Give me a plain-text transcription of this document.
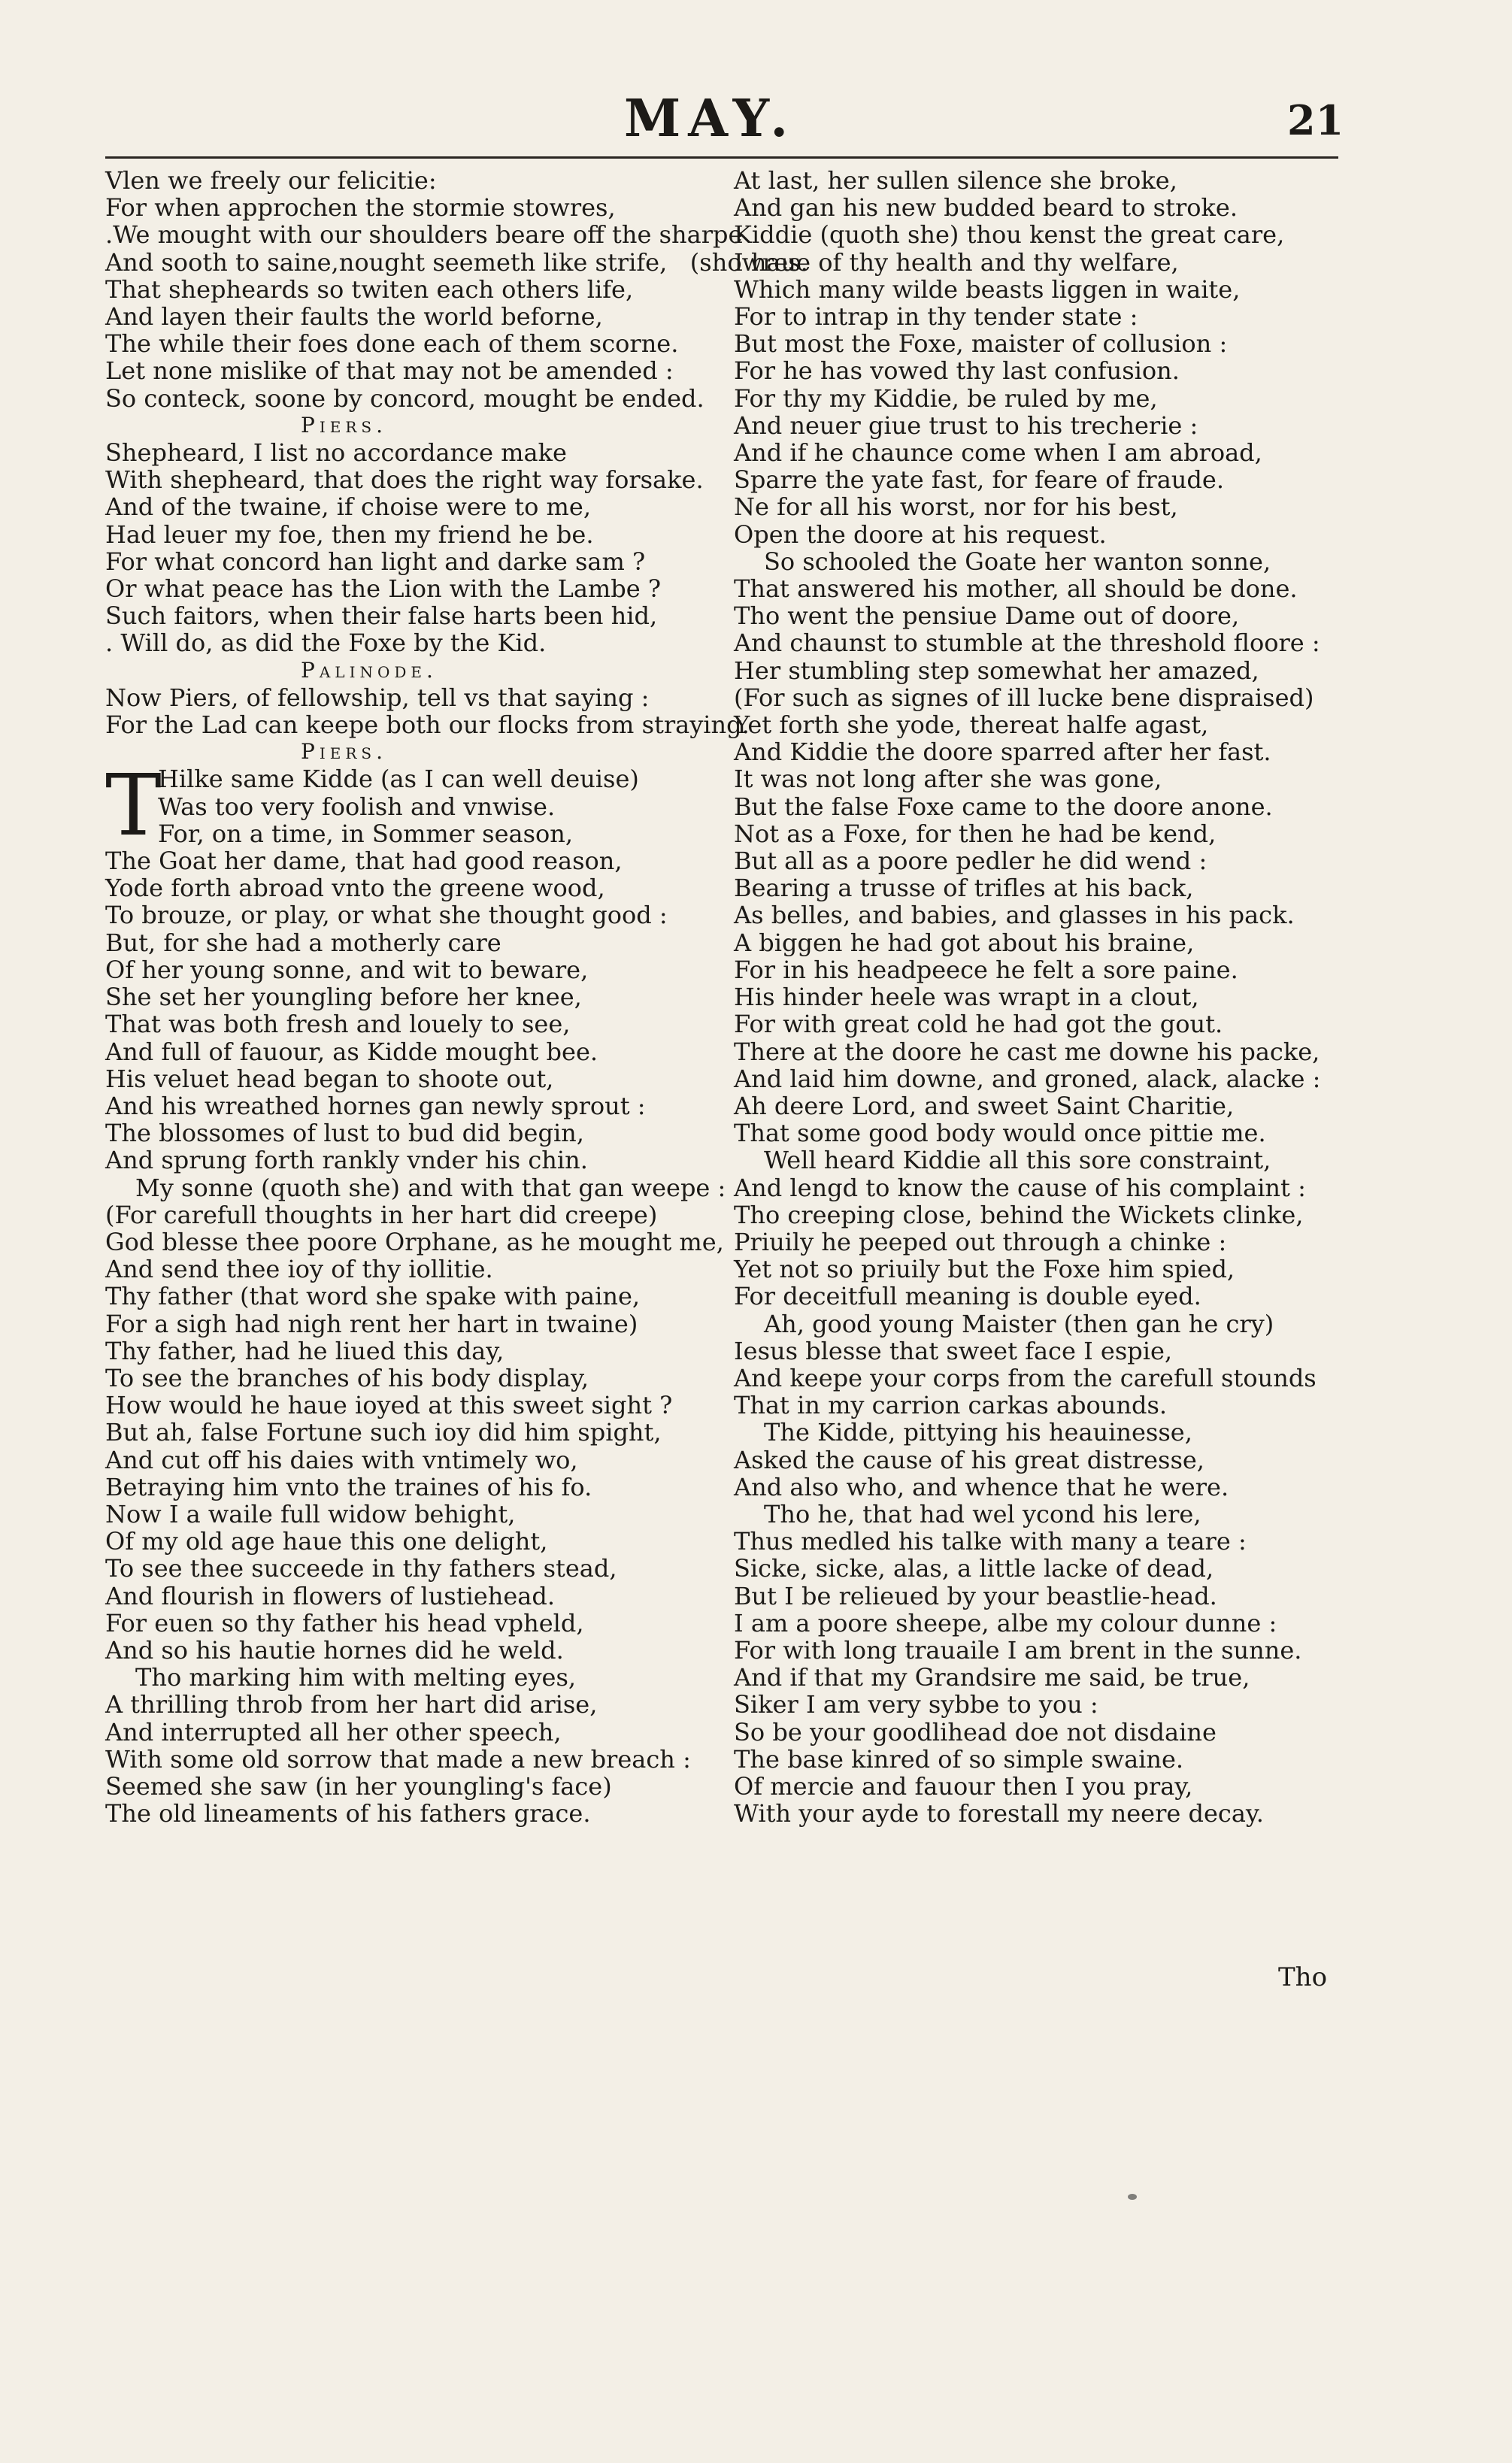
MAY.	21
Vlen we freely our felicitie:
For when approchen the stormie stowres,
.We mought with our shoulders beare off the sharpe
And sooth to saine,nought seemeth like strife,   (showres.
That shepheards so twiten each others life,
And layen their faults the world beforne,
The while their foes done each of them scorne.
Let none mislike of that may not be amended :
So conteck, soone by concord, mought be ended.
Piers.
Shepheard, I list no accordance make
With shepheard, that does the right way forsake.
And of the twaine, if choise were to me,
Had leuer my foe, then my friend he be.
For what concord han light and darke sam ?
Or what peace has the Lion with the Lambe ?
Such faitors, when their false harts been hid,
. Will do, as did the Foxe by the Kid.
Palinode.
Now Piers, of fellowship, tell vs that saying :
For the Lad can keepe both our flocks from straying.
Piers.
T
Hilke same Kidde (as I can well deuise)
Was too very foolish and vnwise.
For, on a time, in Sommer season,
The Goat her dame, that had good reason,
Yode forth abroad vnto the greene wood,
To brouze, or play, or what she thought good :
But, for she had a motherly care
Of her young sonne, and wit to beware,
She set her youngling before her knee,
That was both fresh and louely to see,
And full of fauour, as Kidde mought bee.
His veluet head began to shoote out,
And his wreathed hornes gan newly sprout :
The blossomes of lust to bud did begin,
And sprung forth rankly vnder his chin.
My sonne (quoth she) and with that gan weepe :
(For carefull thoughts in her hart did creepe)
God blesse thee poore Orphane, as he mought me,
And send thee ioy of thy iollitie.
Thy father (that word she spake with paine,
For a sigh had nigh rent her hart in twaine)
Thy father, had he liued this day,
To see the branches of his body display,
How would he haue ioyed at this sweet sight ?
But ah, false Fortune such ioy did him spight,
And cut off his daies with vntimely wo,
Betraying him vnto the traines of his fo.
Now I a waile full widow behight,
Of my old age haue this one delight,
To see thee succeede in thy fathers stead,
And flourish in flowers of lustiehead.
For euen so thy father his head vpheld,
And so his hautie hornes did he weld.
Tho marking him with melting eyes,
A thrilling throb from her hart did arise,
And interrupted all her other speech,
With some old sorrow that made a new breach :
Seemed she saw (in her youngling's face)
The old lineaments of his fathers grace.
At last, her sullen silence she broke,
And gan his new budded beard to stroke.
Kiddie (quoth she) thou kenst the great care,
I haue of thy health and thy welfare,
Which many wilde beasts liggen in waite,
For to intrap in thy tender state :
But most the Foxe, maister of collusion :
For he has vowed thy last confusion.
For thy my Kiddie, be ruled by me,
And neuer giue trust to his trecherie :
And if he chaunce come when I am abroad,
Sparre the yate fast, for feare of fraude.
Ne for all his worst, nor for his best,
Open the doore at his request.
So schooled the Goate her wanton sonne,
That answered his mother, all should be done.
Tho went the pensiue Dame out of doore,
And chaunst to stumble at the threshold floore :
Her stumbling step somewhat her amazed,
(For such as signes of ill lucke bene dispraised)
Yet forth she yode, thereat halfe agast,
And Kiddie the doore sparred after her fast.
It was not long after she was gone,
But the false Foxe came to the doore anone.
Not as a Foxe, for then he had be kend,
But all as a poore pedler he did wend :
Bearing a trusse of trifles at his back,
As belles, and babies, and glasses in his pack.
A biggen he had got about his braine,
For in his headpeece he felt a sore paine.
His hinder heele was wrapt in a clout,
For with great cold he had got the gout.
There at the doore he cast me downe his packe,
And laid him downe, and groned, alack, alacke :
Ah deere Lord, and sweet Saint Charitie,
That some good body would once pittie me.
Well heard Kiddie all this sore constraint,
And lengd to know the cause of his complaint :
Tho creeping close, behind the Wickets clinke,
Priuily he peeped out through a chinke :
Yet not so priuily but the Foxe him spied,
For deceitfull meaning is double eyed.
Ah, good young Maister (then gan he cry)
Iesus blesse that sweet face I espie,
And keepe your corps from the carefull stounds
That in my carrion carkas abounds.
The Kidde, pittying his heauinesse,
Asked the cause of his great distresse,
And also who, and whence that he were.
Tho he, that had wel ycond his lere,
Thus medled his talke with many a teare :
Sicke, sicke, alas, a little lacke of dead,
But I be relieued by your beastlie-head.
I am a poore sheepe, albe my colour dunne :
For with long trauaile I am brent in the sunne.
And if that my Grandsire me said, be true,
Siker I am very sybbe to you :
So be your goodlihead doe not disdaine
The base kinred of so simple swaine.
Of mercie and fauour then I you pray,
With your ayde to forestall my neere decay.
Tho
